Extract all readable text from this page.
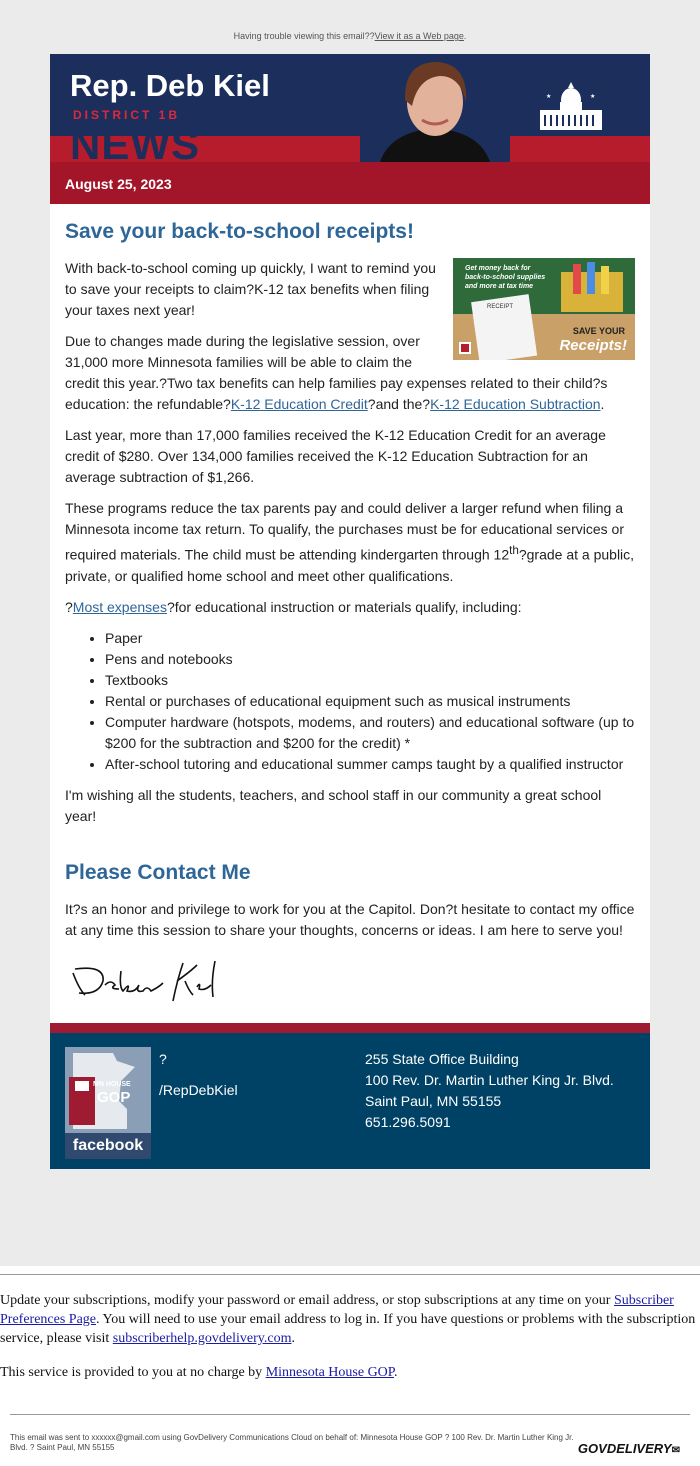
Having trouble viewing this email??View it as a Web page.
Rep. Deb Kiel
DISTRICT 1B
NEWS
★	★
August 25, 2023
Save your back-to-school receipts!
Get money back for
back-to-school supplies
and more at tax time
RECEIPT
SAVE YOUR
Receipts!

With back-to-school coming up quickly, I want to remind you to save your receipts to claim?K-12 tax benefits when filing your taxes next year!

Due to changes made during the legislative session, over 31,000 more Minnesota families will be able to claim the credit this year.?Two tax benefits can help families pay expenses related to their child?s education: the refundable?K-12 Education Credit?and the?K-12 Education Subtraction.

Last year, more than 17,000 families received the K-12 Education Credit for an average credit of $280. Over 134,000 families received the K-12 Education Subtraction for an average subtraction of $1,266.

These programs reduce the tax parents pay and could deliver a larger refund when filing a Minnesota income tax return. To qualify, the purchases must be for educational services or required materials. The child must be attending kindergarten through 12th?grade at a public, private, or qualified home school and meet other qualifications.

?Most expenses?for educational instruction or materials qualify, including:

• Paper
• Pens and notebooks
• Textbooks
• Rental or purchases of educational equipment such as musical instruments
• Computer hardware (hotspots, modems, and routers) and educational software (up to $200 for the subtraction and $200 for the credit) *
• After-school tutoring and educational summer camps taught by a qualified instructor

I'm wishing all the students, teachers, and school staff in our community a great school year!

Please Contact Me

It?s an honor and privilege to work for you at the Capitol. Don?t hesitate to contact my office at any time this session to share your thoughts, concerns or ideas. I am here to serve you!

MN HOUSE
GOP
facebook
?
/RepDebKiel
255 State Office Building
100 Rev. Dr. Martin Luther King Jr. Blvd.
Saint Paul, MN 55155
651.296.5091

Update your subscriptions, modify your password or email address, or stop subscriptions at any time on your Subscriber Preferences Page. You will need to use your email address to log in. If you have questions or problems with the subscription service, please visit subscriberhelp.govdelivery.com.

This service is provided to you at no charge by Minnesota House GOP.

This email was sent to xxxxxx@gmail.com using GovDelivery Communications Cloud on behalf of: Minnesota House GOP ? 100 Rev. Dr. Martin Luther King Jr. Blvd. ? Saint Paul, MN 55155	GOVDELIVERY✉
